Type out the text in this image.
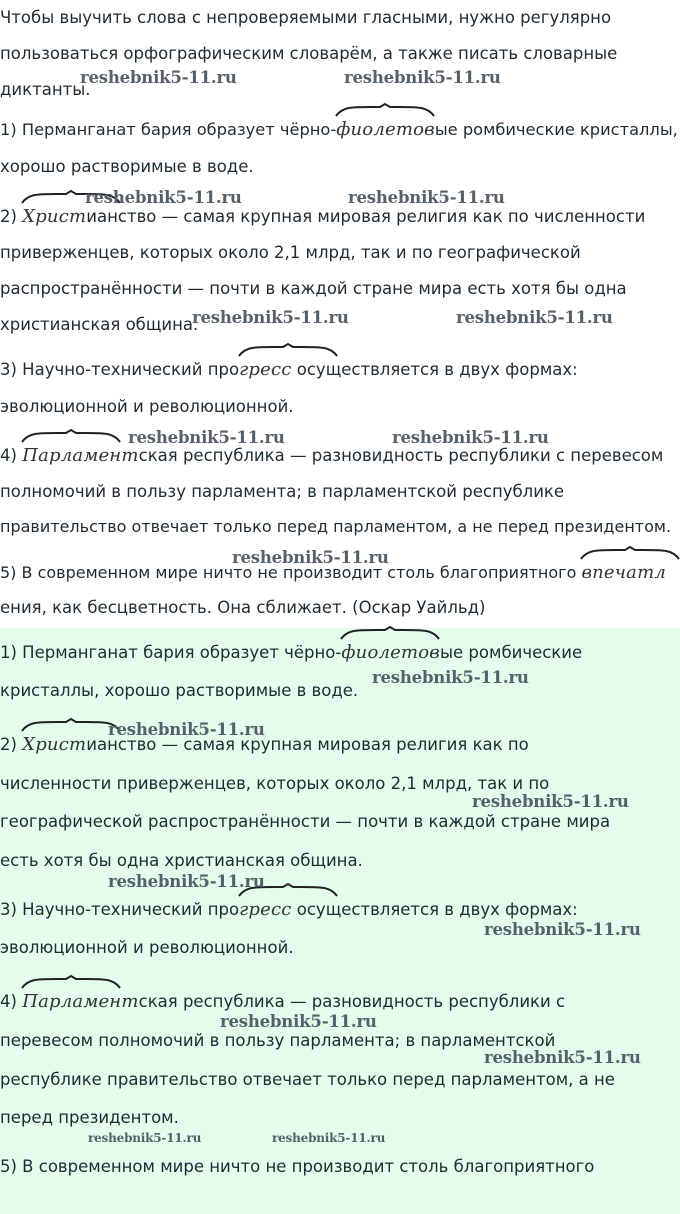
Чтобы выучить слова с непроверяемыми гласными, нужно регулярно
пользоваться орфографическим словарём, а также писать словарные
диктанты.
1) Перманганат бария образует чёрно-фиолетов
ые ромбические кристаллы,
хорошо растворимые в воде.
2) Христ
ианство — самая крупная мировая религия как по численности
приверженцев, которых около 2,1 млрд, так и по географической
распространённости — почти в каждой стране мира есть хотя бы одна
христианская община.
3) Научно-технический прогресс
осуществляется в двух формах:
эволюционной и революционной.
4) Парламент
ская республика — разновидность республики с перевесом
полномочий в пользу парламента; в парламентской республике
правительство отвечает только перед парламентом, а не перед президентом.
5) В современном мире ничто не производит столь благоприятного впечатл
ения, как бесцветность. Она сближает. (Оскар Уайльд)
1) Перманганат бария образует чёрно-фиолетов
ые ромбические
кристаллы, хорошо растворимые в воде.
2) Христ
ианство — самая крупная мировая религия как по
численности приверженцев, которых около 2,1 млрд, так и по
географической распространённости — почти в каждой стране мира
есть хотя бы одна христианская община.
3) Научно-технический прогресс
осуществляется в двух формах:
эволюционной и революционной.
4) Парламент
ская республика — разновидность республики с
перевесом полномочий в пользу парламента; в парламентской
республике правительство отвечает только перед парламентом, а не
перед президентом.
5) В современном мире ничто не производит столь благоприятного
reshebnik5-11.ru	reshebnik5-11.ru
reshebnik5-11.ru	reshebnik5-11.ru
reshebnik5-11.ru	reshebnik5-11.ru
reshebnik5-11.ru	reshebnik5-11.ru
reshebnik5-11.ru
reshebnik5-11.ru
reshebnik5-11.ru
reshebnik5-11.ru
reshebnik5-11.ru
reshebnik5-11.ru
reshebnik5-11.ru
reshebnik5-11.ru
reshebnik5-11.ru	reshebnik5-11.ru
